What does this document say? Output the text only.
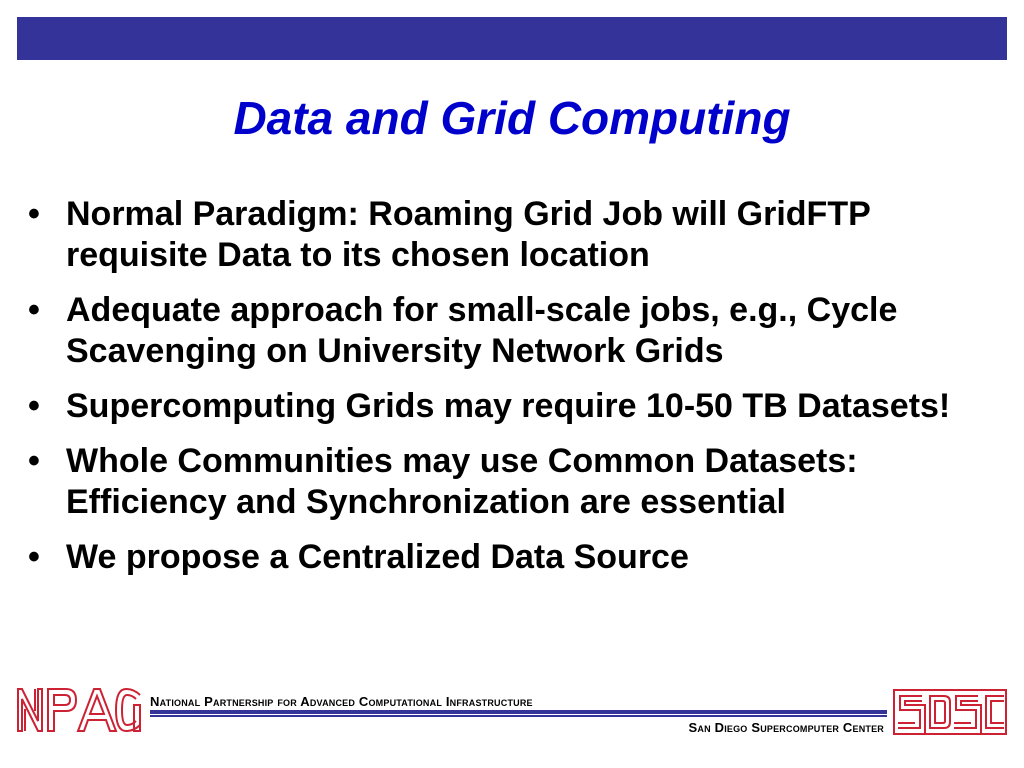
Data and Grid Computing
• Normal Paradigm: Roaming Grid Job will GridFTP requisite Data to its chosen location
• Adequate approach for small-scale jobs, e.g., Cycle Scavenging on University Network Grids
• Supercomputing Grids may require 10-50 TB Datasets!
• Whole Communities may use Common Datasets: Efficiency and Synchronization are essential
• We propose a Centralized Data Source
National Partnership for Advanced Computational Infrastructure
San Diego Supercomputer Center
